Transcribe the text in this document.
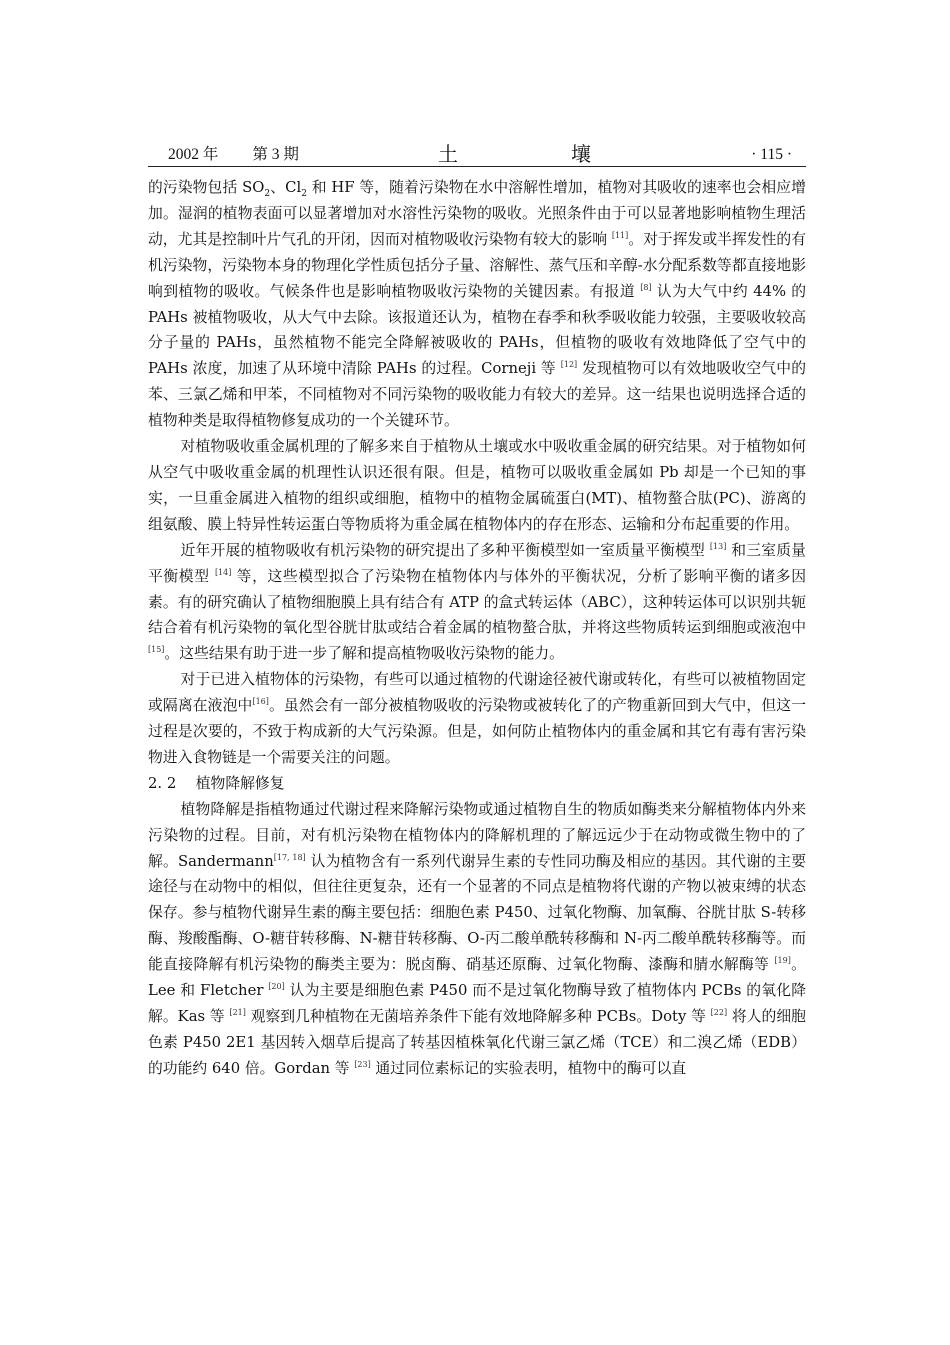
2002 年 第 3 期	土 壤	· 115 ·

的污染物包括 $SO_2$、$Cl_2$ 和 HF 等，随着污染物在水中溶解性增加，植物对其吸收的速率也会相应增加。湿润的植物表面可以显著增加对水溶性污染物的吸收。光照条件由于可以显著地影响植物生理活动，尤其是控制叶片气孔的开闭，因而对植物吸收污染物有较大的影响 [11]。对于挥发或半挥发性的有机污染物，污染物本身的物理化学性质包括分子量、溶解性、蒸气压和辛醇-水分配系数等都直接地影响到植物的吸收。气候条件也是影响植物吸收污染物的关键因素。有报道 [8] 认为大气中约 44% 的 PAHs 被植物吸收，从大气中去除。该报道还认为，植物在春季和秋季吸收能力较强，主要吸收较高分子量的 PAHs，虽然植物不能完全降解被吸收的 PAHs，但植物的吸收有效地降低了空气中的 PAHs 浓度，加速了从环境中清除 PAHs 的过程。Corneji 等 [12] 发现植物可以有效地吸收空气中的苯、三氯乙烯和甲苯，不同植物对不同污染物的吸收能力有较大的差异。这一结果也说明选择合适的植物种类是取得植物修复成功的一个关键环节。

对植物吸收重金属机理的了解多来自于植物从土壤或水中吸收重金属的研究结果。对于植物如何从空气中吸收重金属的机理性认识还很有限。但是，植物可以吸收重金属如 Pb 却是一个已知的事实，一旦重金属进入植物的组织或细胞，植物中的植物金属硫蛋白(MT)、植物螯合肽(PC)、游离的组氨酸、膜上特异性转运蛋白等物质将为重金属在植物体内的存在形态、运输和分布起重要的作用。

近年开展的植物吸收有机污染物的研究提出了多种平衡模型如一室质量平衡模型 [13] 和三室质量平衡模型 [14] 等，这些模型拟合了污染物在植物体内与体外的平衡状况，分析了影响平衡的诸多因素。有的研究确认了植物细胞膜上具有结合有 ATP 的盒式转运体（ABC），这种转运体可以识别共轭结合着有机污染物的氧化型谷胱甘肽或结合着金属的植物螯合肽，并将这些物质转运到细胞或液泡中[15]。这些结果有助于进一步了解和提高植物吸收污染物的能力。

对于已进入植物体的污染物，有些可以通过植物的代谢途径被代谢或转化，有些可以被植物固定或隔离在液泡中[16]。虽然会有一部分被植物吸收的污染物或被转化了的产物重新回到大气中，但这一过程是次要的，不致于构成新的大气污染源。但是，如何防止植物体内的重金属和其它有毒有害污染物进入食物链是一个需要关注的问题。

2. 2　 植物降解修复

植物降解是指植物通过代谢过程来降解污染物或通过植物自生的物质如酶类来分解植物体内外来污染物的过程。目前，对有机污染物在植物体内的降解机理的了解远远少于在动物或微生物中的了解。Sandermann[17, 18] 认为植物含有一系列代谢异生素的专性同功酶及相应的基因。其代谢的主要途径与在动物中的相似，但往往更复杂，还有一个显著的不同点是植物将代谢的产物以被束缚的状态保存。参与植物代谢异生素的酶主要包括：细胞色素 P450、过氧化物酶、加氧酶、谷胱甘肽 S-转移酶、羧酸酯酶、O-糖苷转移酶、N-糖苷转移酶、O-丙二酸单酰转移酶和 N-丙二酸单酰转移酶等。而能直接降解有机污染物的酶类主要为：脱卤酶、硝基还原酶、过氧化物酶、漆酶和腈水解酶等 [19]。Lee 和 Fletcher [20] 认为主要是细胞色素 P450 而不是过氧化物酶导致了植物体内 PCBs 的氧化降解。Kas 等 [21] 观察到几种植物在无菌培养条件下能有效地降解多种 PCBs。Doty 等 [22] 将人的细胞色素 P450 2E1 基因转入烟草后提高了转基因植株氧化代谢三氯乙烯（TCE）和二溴乙烯（EDB）的功能约 640 倍。Gordan 等 [23] 通过同位素标记的实验表明，植物中的酶可以直
